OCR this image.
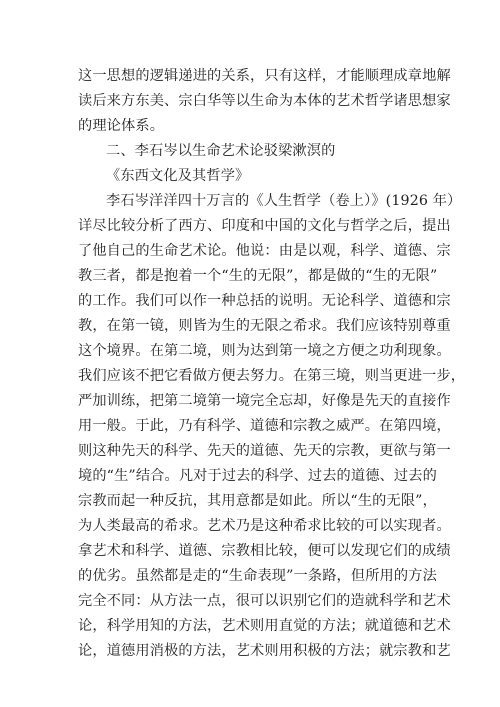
这一思想的逻辑递进的关系，只有这样，才能顺理成章地解
读后来方东美、宗白华等以生命为本体的艺术哲学诸思想家
的理论体系。
二、李石岑以生命艺术论驳梁漱溟的
《东西文化及其哲学》
李石岑洋洋四十万言的《人生哲学（卷上）》(1926 年）
详尽比较分析了西方、印度和中国的文化与哲学之后，提出
了他自己的生命艺术论。他说：由是以观，科学、道德、宗
教三者，都是抱着一个“生的无限”，都是做的“生的无限”
的工作。我们可以作一种总括的说明。无论科学、道德和宗
教，在第一镜，则皆为生的无限之希求。我们应该特别尊重
这个境界。在第二境，则为达到第一境之方便之功利现象。
我们应该不把它看做方便去努力。在第三境，则当更进一步，
严加训练，把第二境第一境完全忘却，好像是先天的直接作
用一般。于此，乃有科学、道德和宗教之威严。在第四境，
则这种先天的科学、先天的道德、先天的宗教，更欲与第一
境的“生”结合。凡对于过去的科学、过去的道德、过去的
宗教而起一种反抗，其用意都是如此。所以“生的无限”，
为人类最高的希求。艺术乃是这种希求比较的可以实现者。
拿艺术和科学、道德、宗教相比较，便可以发现它们的成绩
的优劣。虽然都是走的“生命表现”一条路，但所用的方法
完全不同：从方法一点，很可以识别它们的造就科学和艺术
论，科学用知的方法，艺术则用直觉的方法；就道德和艺术
论，道德用消极的方法，艺术则用积极的方法；就宗教和艺
